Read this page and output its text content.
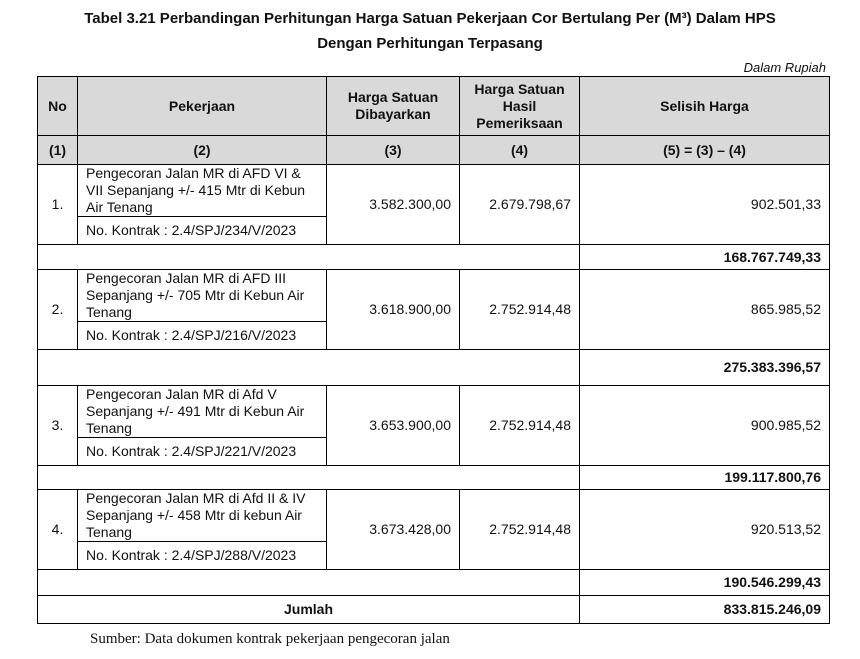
Tabel 3.21 Perbandingan Perhitungan Harga Satuan Pekerjaan Cor Bertulang Per (M³) Dalam HPS
Dengan Perhitungan Terpasang
Dalam Rupiah
No	Pekerjaan	Harga Satuan Dibayarkan	Harga Satuan Hasil Pemeriksaan	Selisih Harga
(1)	(2)	(3)	(4)	(5) = (3) – (4)
1.	Pengecoran Jalan MR di AFD VI & VII Sepanjang +/- 415 Mtr di Kebun Air Tenang	3.582.300,00	2.679.798,67	902.501,33
	No. Kontrak : 2.4/SPJ/234/V/2023			
				168.767.749,33
2.	Pengecoran Jalan MR di AFD III Sepanjang +/- 705 Mtr di Kebun Air Tenang	3.618.900,00	2.752.914,48	865.985,52
	No. Kontrak : 2.4/SPJ/216/V/2023			
				275.383.396,57
3.	Pengecoran Jalan MR di Afd V Sepanjang +/- 491 Mtr di Kebun Air Tenang	3.653.900,00	2.752.914,48	900.985,52
	No. Kontrak : 2.4/SPJ/221/V/2023			
				199.117.800,76
4.	Pengecoran Jalan MR di Afd II & IV Sepanjang +/- 458 Mtr di kebun Air Tenang	3.673.428,00	2.752.914,48	920.513,52
	No. Kontrak : 2.4/SPJ/288/V/2023			
				190.546.299,43
Jumlah				833.815.246,09
Sumber: Data dokumen kontrak pekerjaan pengecoran jalan
